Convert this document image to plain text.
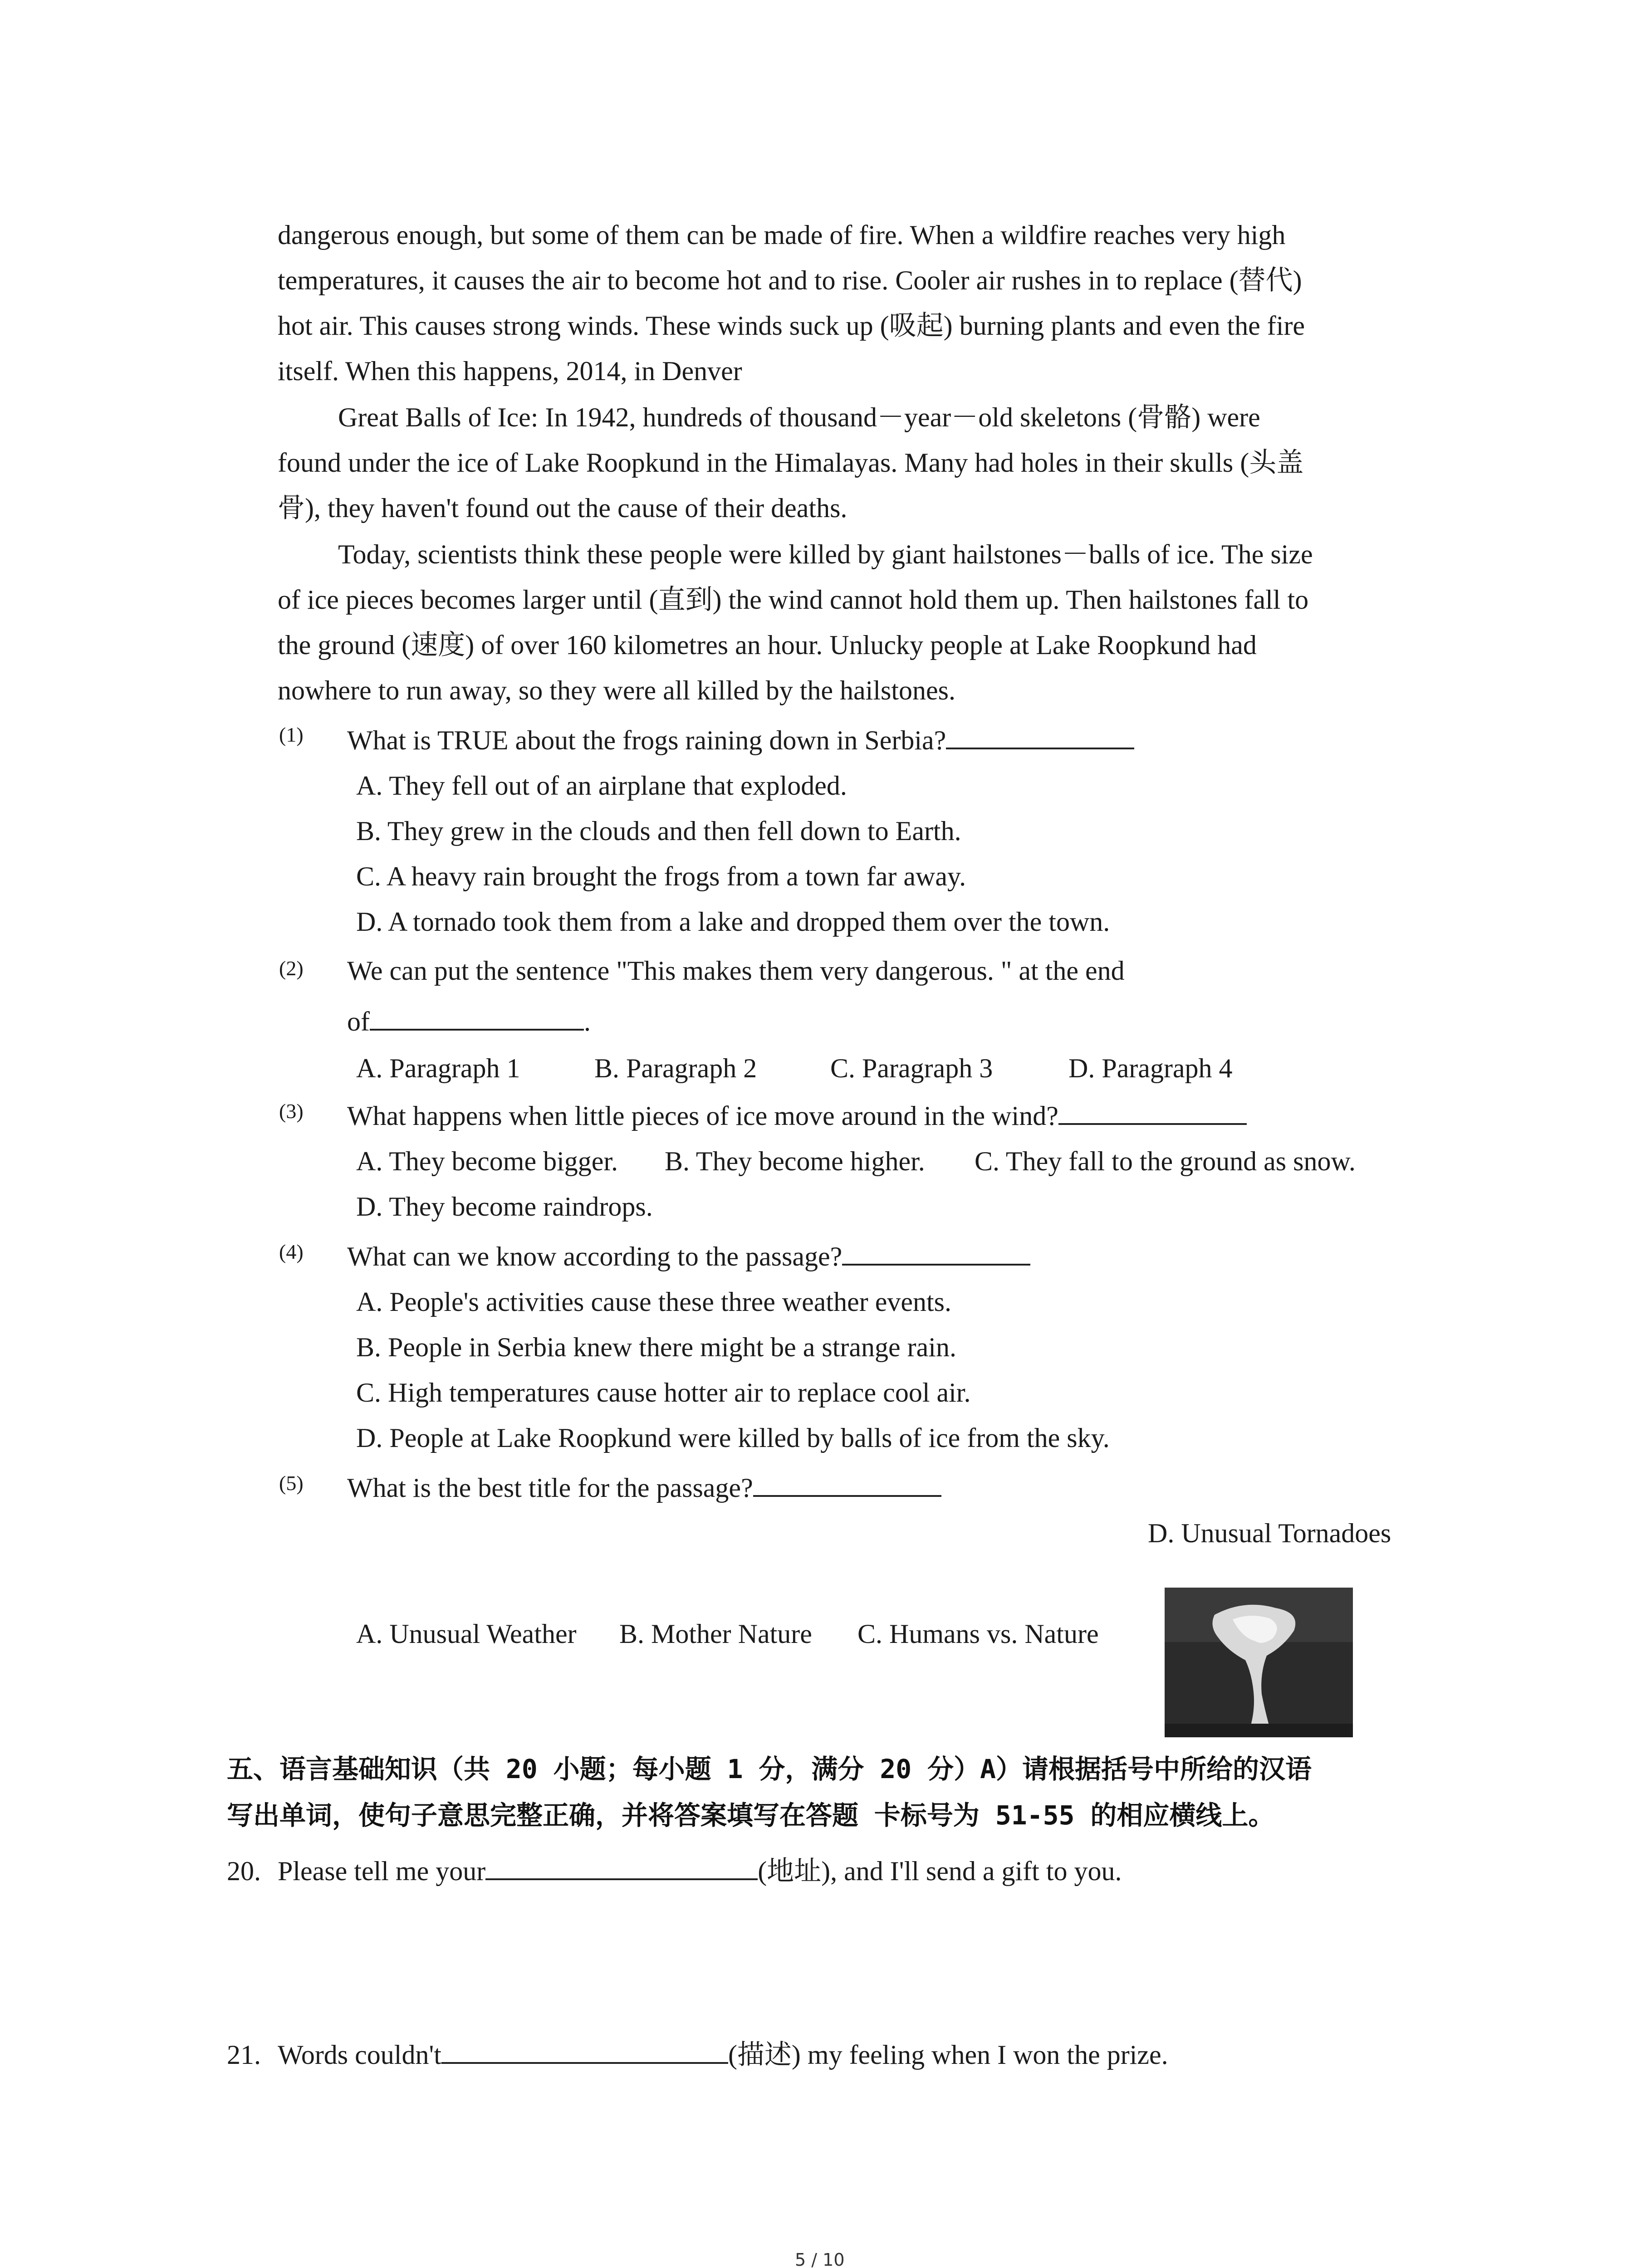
dangerous enough, but some of them can be made of fire. When a wildfire reaches very high
temperatures, it causes the air to become hot and to rise. Cooler air rushes in to replace (替代)
hot air. This causes strong winds. These winds suck up (吸起) burning plants and even the fire
itself. When this happens, 2014, in Denver
Great Balls of Ice: In 1942, hundreds of thousand－year－old skeletons (骨骼) were
found under the ice of Lake Roopkund in the Himalayas. Many had holes in their skulls (头盖
骨), they haven't found out the cause of their deaths.
Today, scientists think these people were killed by giant hailstones－balls of ice. The size
of ice pieces becomes larger until (直到) the wind cannot hold them up. Then hailstones fall to
the ground (速度) of over 160 kilometres an hour. Unlucky people at Lake Roopkund had
nowhere to run away, so they were all killed by the hailstones.
(1) What is TRUE about the frogs raining down in Serbia?
A. They fell out of an airplane that exploded.
B. They grew in the clouds and then fell down to Earth.
C. A heavy rain brought the frogs from a town far away.
D. A tornado took them from a lake and dropped them over the town.
(2) We can put the sentence "This makes them very dangerous. " at the end
of	.
A. Paragraph 1	B. Paragraph 2	C. Paragraph 3	D. Paragraph 4
(3) What happens when little pieces of ice move around in the wind?
A. They become bigger. B. They become higher. C. They fall to the ground as snow.
D. They become raindrops.
(4) What can we know according to the passage?
A. People's activities cause these three weather events.
B. People in Serbia knew there might be a strange rain.
C. High temperatures cause hotter air to replace cool air.
D. People at Lake Roopkund were killed by balls of ice from the sky.
(5) What is the best title for the passage?
D. Unusual Tornadoes
A. Unusual Weather B. Mother Nature C. Humans vs. Nature
五、语言基础知识（共 20 小题；每小题 1 分，满分 20 分）A）请根据括号中所给的汉语
写出单词，使句子意思完整正确，并将答案填写在答题 卡标号为 51-55 的相应横线上。
20. Please tell me your	(地址), and I'll send a gift to you.
21. Words couldn't	(描述) my feeling when I won the prize.
5 / 10
